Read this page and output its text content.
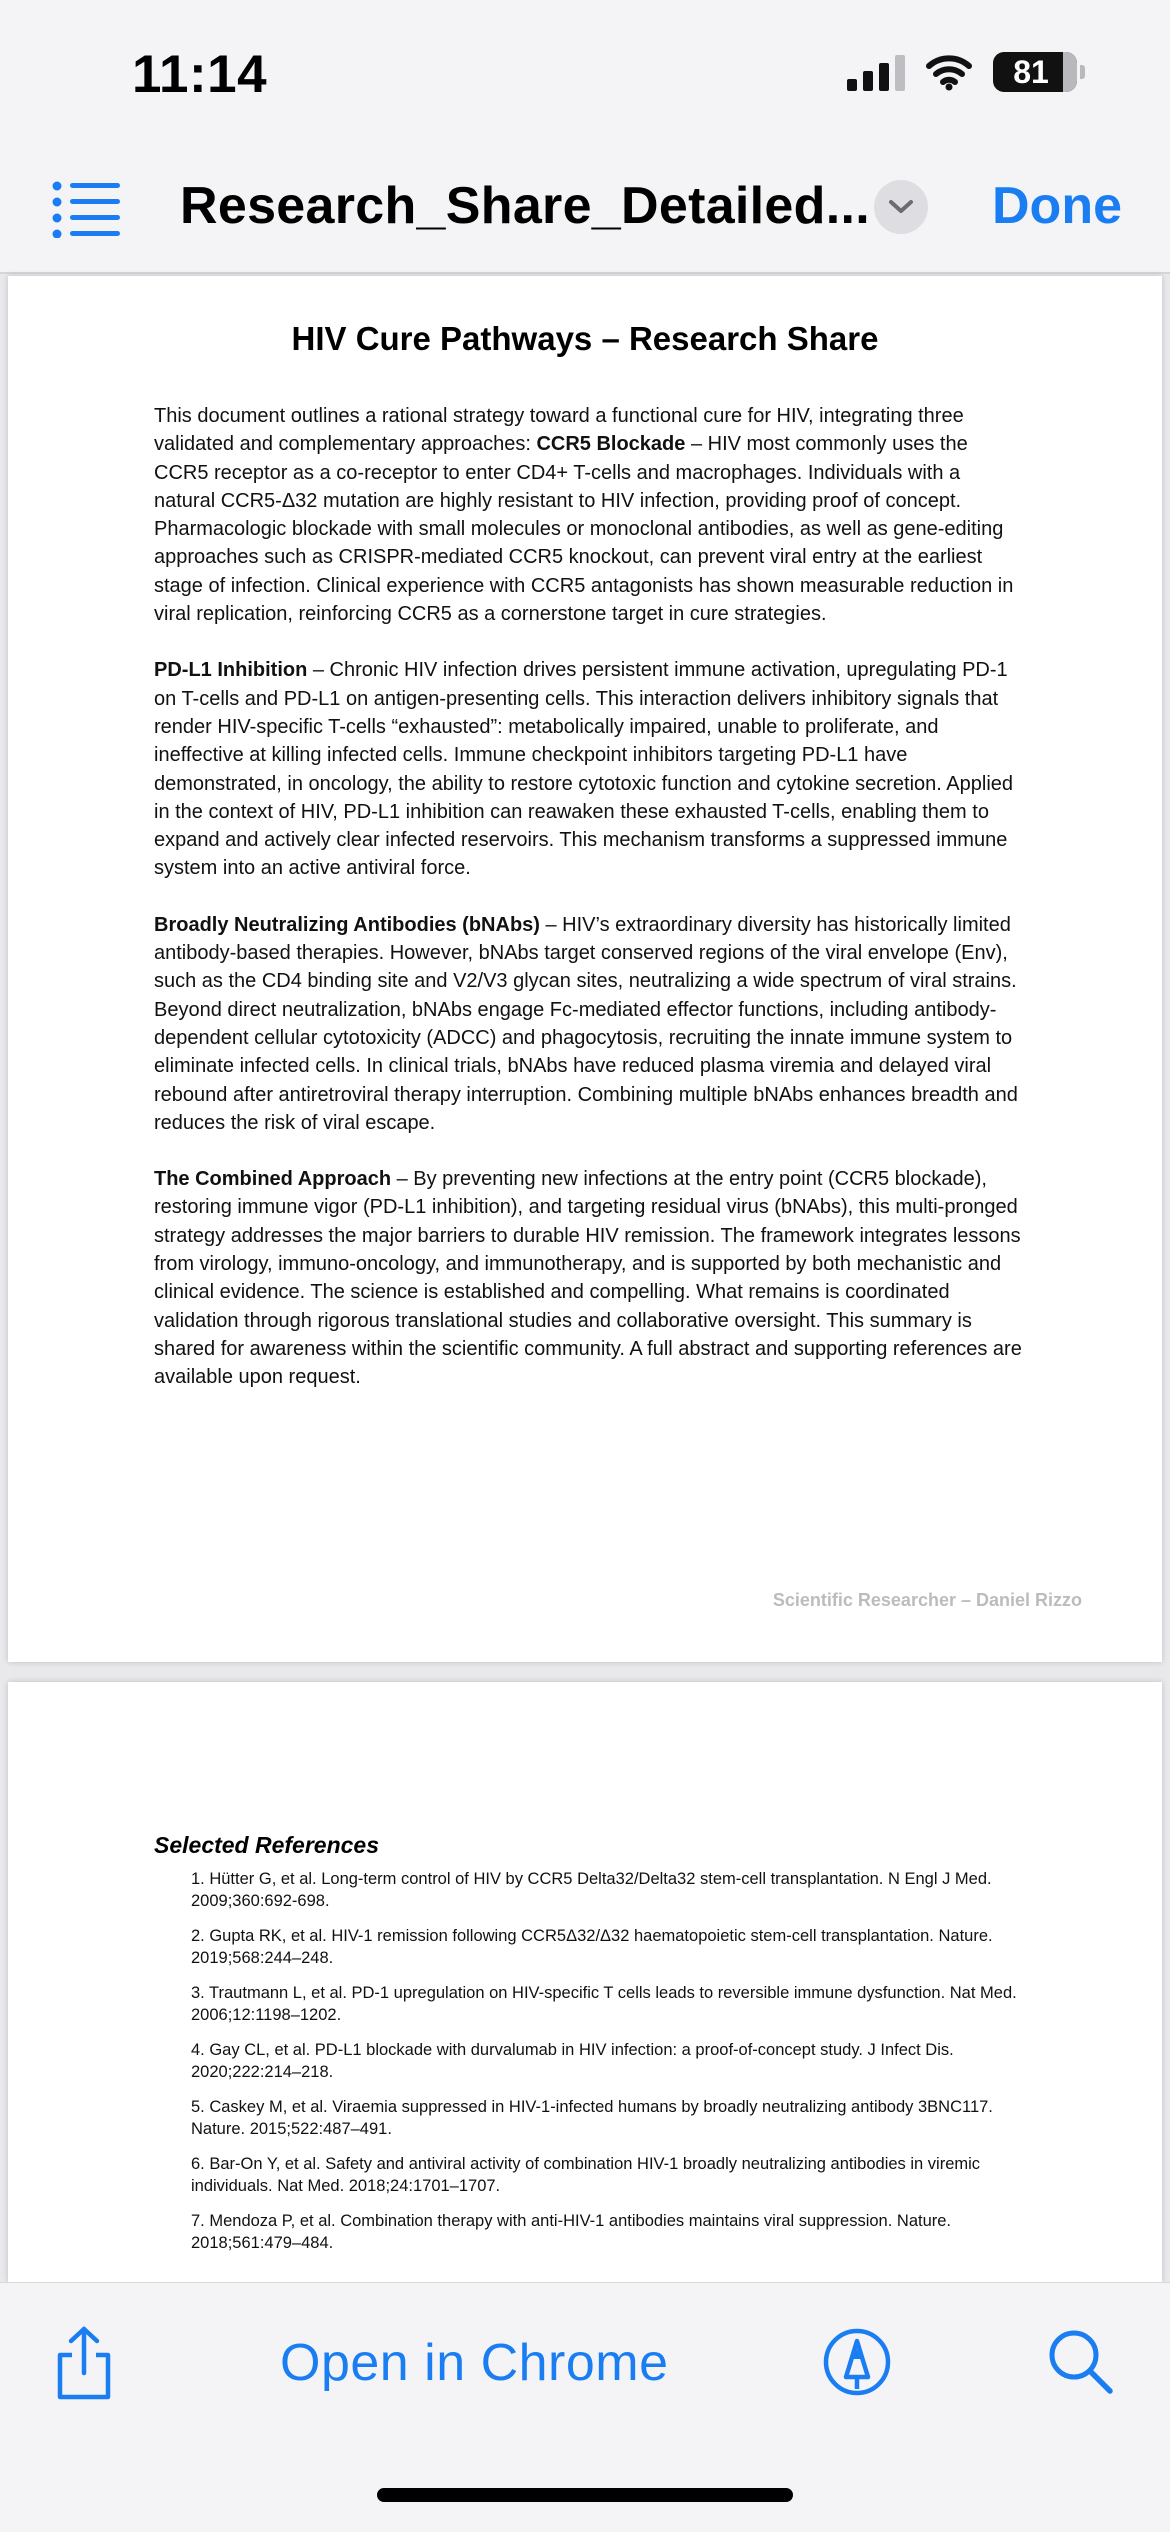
11:14	81
Research_Share_Detailed... Done
HIV Cure Pathways – Research Share

This document outlines a rational strategy toward a functional cure for HIV, integrating three validated and complementary approaches: CCR5 Blockade – HIV most commonly uses the CCR5 receptor as a co-receptor to enter CD4+ T-cells and macrophages. Individuals with a natural CCR5-Δ32 mutation are highly resistant to HIV infection, providing proof of concept. Pharmacologic blockade with small molecules or monoclonal antibodies, as well as gene-editing approaches such as CRISPR-mediated CCR5 knockout, can prevent viral entry at the earliest stage of infection. Clinical experience with CCR5 antagonists has shown measurable reduction in viral replication, reinforcing CCR5 as a cornerstone target in cure strategies.

PD-L1 Inhibition – Chronic HIV infection drives persistent immune activation, upregulating PD-1 on T-cells and PD-L1 on antigen-presenting cells. This interaction delivers inhibitory signals that render HIV-specific T-cells “exhausted”: metabolically impaired, unable to proliferate, and ineffective at killing infected cells. Immune checkpoint inhibitors targeting PD-L1 have demonstrated, in oncology, the ability to restore cytotoxic function and cytokine secretion. Applied in the context of HIV, PD-L1 inhibition can reawaken these exhausted T-cells, enabling them to expand and actively clear infected reservoirs. This mechanism transforms a suppressed immune system into an active antiviral force.

Broadly Neutralizing Antibodies (bNAbs) – HIV’s extraordinary diversity has historically limited antibody-based therapies. However, bNAbs target conserved regions of the viral envelope (Env), such as the CD4 binding site and V2/V3 glycan sites, neutralizing a wide spectrum of viral strains. Beyond direct neutralization, bNAbs engage Fc-mediated effector functions, including antibody-dependent cellular cytotoxicity (ADCC) and phagocytosis, recruiting the innate immune system to eliminate infected cells. In clinical trials, bNAbs have reduced plasma viremia and delayed viral rebound after antiretroviral therapy interruption. Combining multiple bNAbs enhances breadth and reduces the risk of viral escape.

The Combined Approach – By preventing new infections at the entry point (CCR5 blockade), restoring immune vigor (PD-L1 inhibition), and targeting residual virus (bNAbs), this multi-pronged strategy addresses the major barriers to durable HIV remission. The framework integrates lessons from virology, immuno-oncology, and immunotherapy, and is supported by both mechanistic and clinical evidence. The science is established and compelling. What remains is coordinated validation through rigorous translational studies and collaborative oversight. This summary is shared for awareness within the scientific community. A full abstract and supporting references are available upon request.

Scientific Researcher – Daniel Rizzo
Selected References
1. Hütter G, et al. Long-term control of HIV by CCR5 Delta32/Delta32 stem-cell transplantation. N Engl J Med. 2009;360:692-698.
2. Gupta RK, et al. HIV-1 remission following CCR5Δ32/Δ32 haematopoietic stem-cell transplantation. Nature. 2019;568:244–248.
3. Trautmann L, et al. PD-1 upregulation on HIV-specific T cells leads to reversible immune dysfunction. Nat Med. 2006;12:1198–1202.
4. Gay CL, et al. PD-L1 blockade with durvalumab in HIV infection: a proof-of-concept study. J Infect Dis. 2020;222:214–218.
5. Caskey M, et al. Viraemia suppressed in HIV-1-infected humans by broadly neutralizing antibody 3BNC117. Nature. 2015;522:487–491.
6. Bar-On Y, et al. Safety and antiviral activity of combination HIV-1 broadly neutralizing antibodies in viremic individuals. Nat Med. 2018;24:1701–1707.
7. Mendoza P, et al. Combination therapy with anti-HIV-1 antibodies maintains viral suppression. Nature. 2018;561:479–484.
Open in Chrome
